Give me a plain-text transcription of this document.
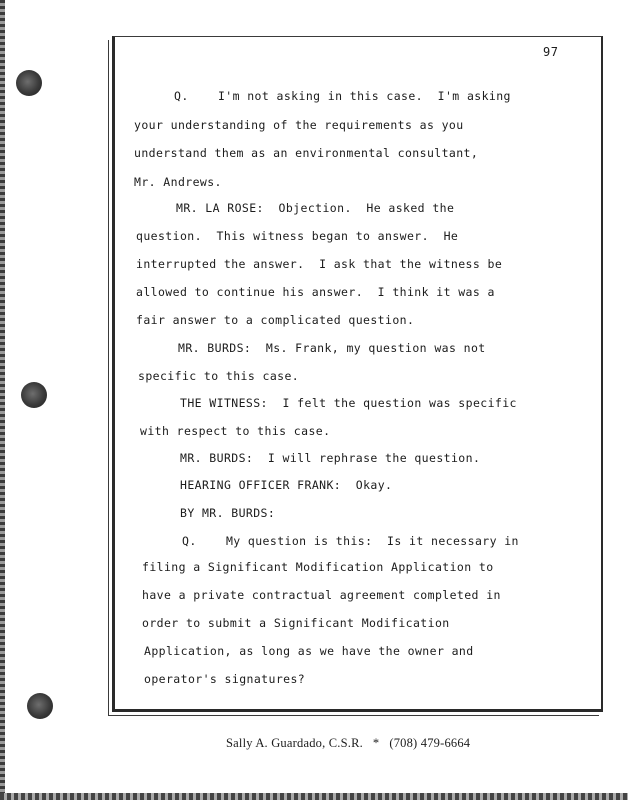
97
Q.    I'm not asking in this case.  I'm asking
your understanding of the requirements as you
understand them as an environmental consultant,
Mr. Andrews.
MR. LA ROSE:  Objection.  He asked the
question.  This witness began to answer.  He
interrupted the answer.  I ask that the witness be
allowed to continue his answer.  I think it was a
fair answer to a complicated question.
MR. BURDS:  Ms. Frank, my question was not
specific to this case.
THE WITNESS:  I felt the question was specific
with respect to this case.
MR. BURDS:  I will rephrase the question.
HEARING OFFICER FRANK:  Okay.
BY MR. BURDS:
Q.    My question is this:  Is it necessary in
filing a Significant Modification Application to
have a private contractual agreement completed in
order to submit a Significant Modification
Application, as long as we have the owner and
operator's signatures?
Sally A. Guardado, C.S.R.   *   (708) 479-6664
